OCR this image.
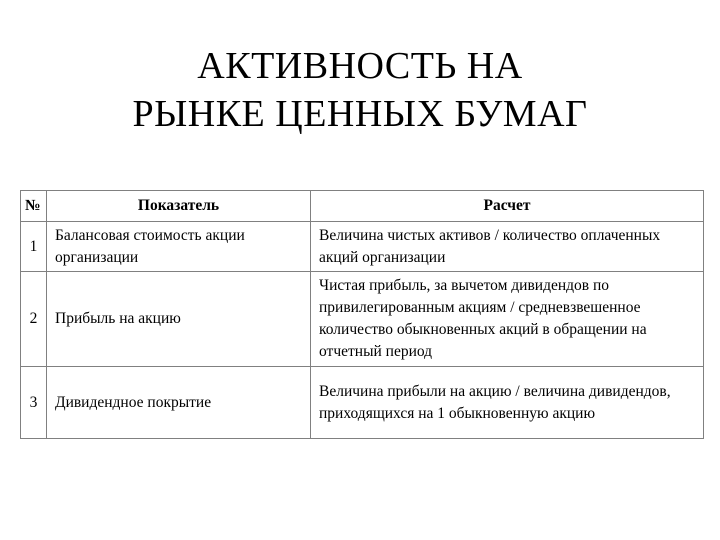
АКТИВНОСТЬ НА
РЫНКЕ ЦЕННЫХ БУМАГ
№	Показатель	Расчет
1	Балансовая стоимость акции организации	Величина чистых активов / количество оплаченных акций организации
2	Прибыль на акцию	Чистая прибыль, за вычетом дивидендов по привилегированным акциям / средневзвешенное количество обыкновенных акций в обращении на отчетный период
3	Дивидендное покрытие	Величина прибыли на акцию / величина дивидендов, приходящихся на 1 обыкновенную акцию
